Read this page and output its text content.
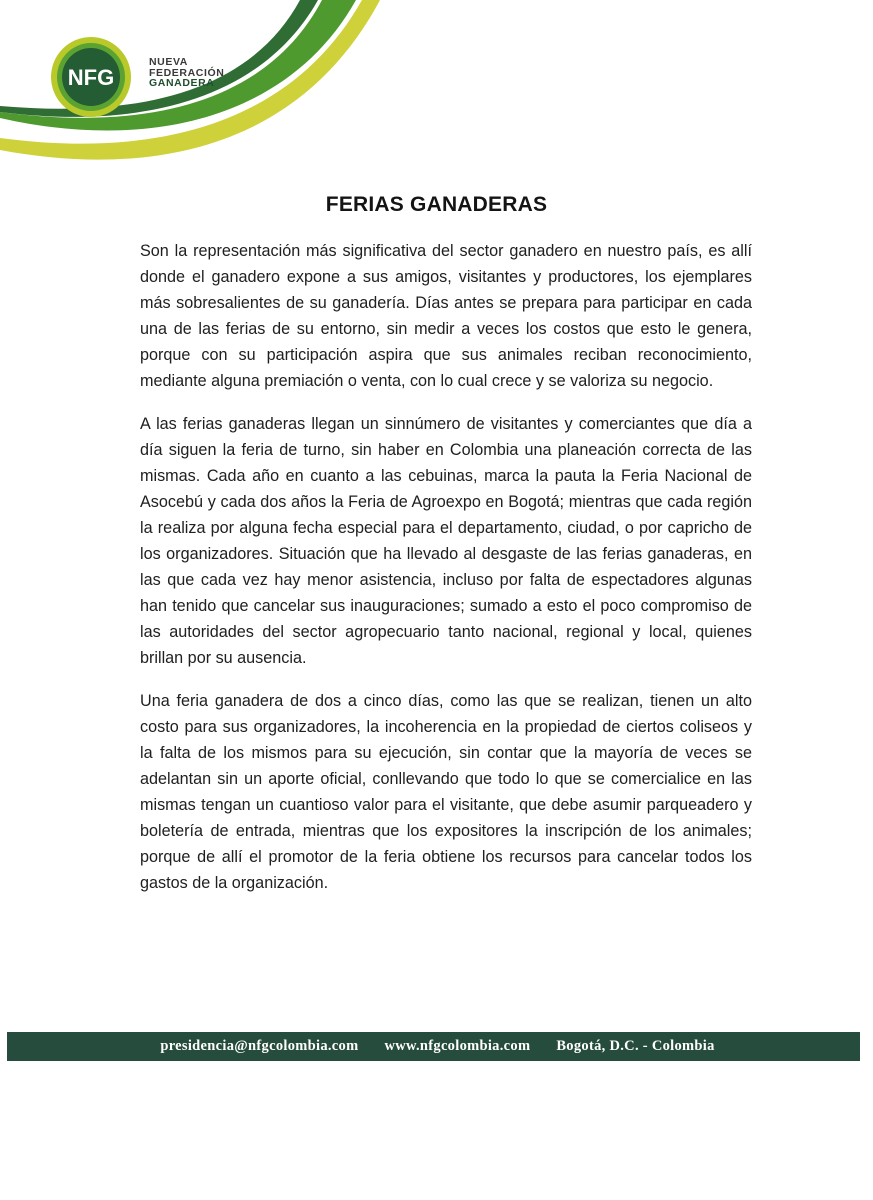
NFG
NUEVA
FEDERACIÓN
GANADERA
FERIAS GANADERAS

Son la representación más significativa del sector ganadero en nuestro país, es allí donde el ganadero expone a sus amigos, visitantes y productores, los ejemplares más sobresalientes de su ganadería. Días antes se prepara para participar en cada una de las ferias de su entorno, sin medir a veces los costos que esto le genera, porque con su participación aspira que sus animales reciban reconocimiento, mediante alguna premiación o venta, con lo cual crece y se valoriza su negocio.

A las ferias ganaderas llegan un sinnúmero de visitantes y comerciantes que día a día siguen la feria de turno, sin haber en Colombia una planeación correcta de las mismas. Cada año en cuanto a las cebuinas, marca la pauta la Feria Nacional de Asocebú y cada dos años la Feria de Agroexpo en Bogotá; mientras que cada región la realiza por alguna fecha especial para el departamento, ciudad, o por capricho de los organizadores. Situación que ha llevado al desgaste de las ferias ganaderas, en las que cada vez hay menor asistencia, incluso por falta de espectadores algunas han tenido que cancelar sus inauguraciones; sumado a esto el poco compromiso de las autoridades del sector agropecuario tanto nacional, regional y local, quienes brillan por su ausencia.

Una feria ganadera de dos a cinco días, como las que se realizan, tienen un alto costo para sus organizadores, la incoherencia en la propiedad de ciertos coliseos y la falta de los mismos para su ejecución, sin contar que la mayoría de veces se adelantan sin un aporte oficial, conllevando que todo lo que se comercialice en las mismas tengan un cuantioso valor para el visitante, que debe asumir parqueadero y boletería de entrada, mientras que los expositores la inscripción de los animales; porque de allí el promotor de la feria obtiene los recursos para cancelar todos los gastos de la organización.

presidencia@nfgcolombia.com www.nfgcolombia.com Bogotá, D.C. - Colombia
